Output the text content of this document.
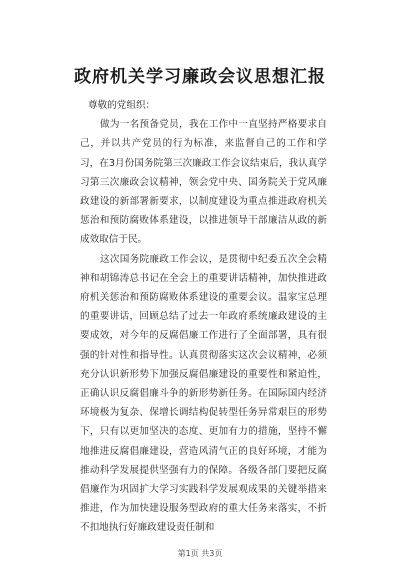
政府机关学习廉政会议思想汇报

尊敬的党组织：

做为一名预备党员，我在工作中一直坚持严格要求自己，并以共产党员的行为标准，来监督自己的工作和学习，在3月份国务院第三次廉政工作会议结束后，我认真学习第三次廉政会议精神，领会党中央、国务院关于党风廉政建设的新部署新要求，以制度建设为重点推进政府机关惩治和预防腐败体系建设，以推进领导干部廉洁从政的新成效取信于民。

这次国务院廉政工作会议，是贯彻中纪委五次全会精神和胡锦涛总书记在全会上的重要讲话精神，加快推进政府机关惩治和预防腐败体系建设的重要会议。温家宝总理的重要讲话，回顾总结了过去一年政府系统廉政建设的主要成效，对今年的反腐倡廉工作进行了全面部署，具有很强的针对性和指导性。认真贯彻落实这次会议精神，必须充分认识新形势下加强反腐倡廉建设的重要性和紧迫性，正确认识反腐倡廉斗争的新形势新任务。在国际国内经济环境极为复杂、保增长调结构促转型任务异常艰巨的形势下，只有以更加坚决的态度、更加有力的措施，坚持不懈地推进反腐倡廉建设，营造风清气正的良好环境，才能为推动科学发展提供坚强有力的保障。各级各部门要把反腐倡廉作为巩固扩大学习实践科学发展观成果的关键举措来推进，作为加快建设服务型政府的重大任务来落实，不折不扣地执行好廉政建设责任制和

第1页 共3页
